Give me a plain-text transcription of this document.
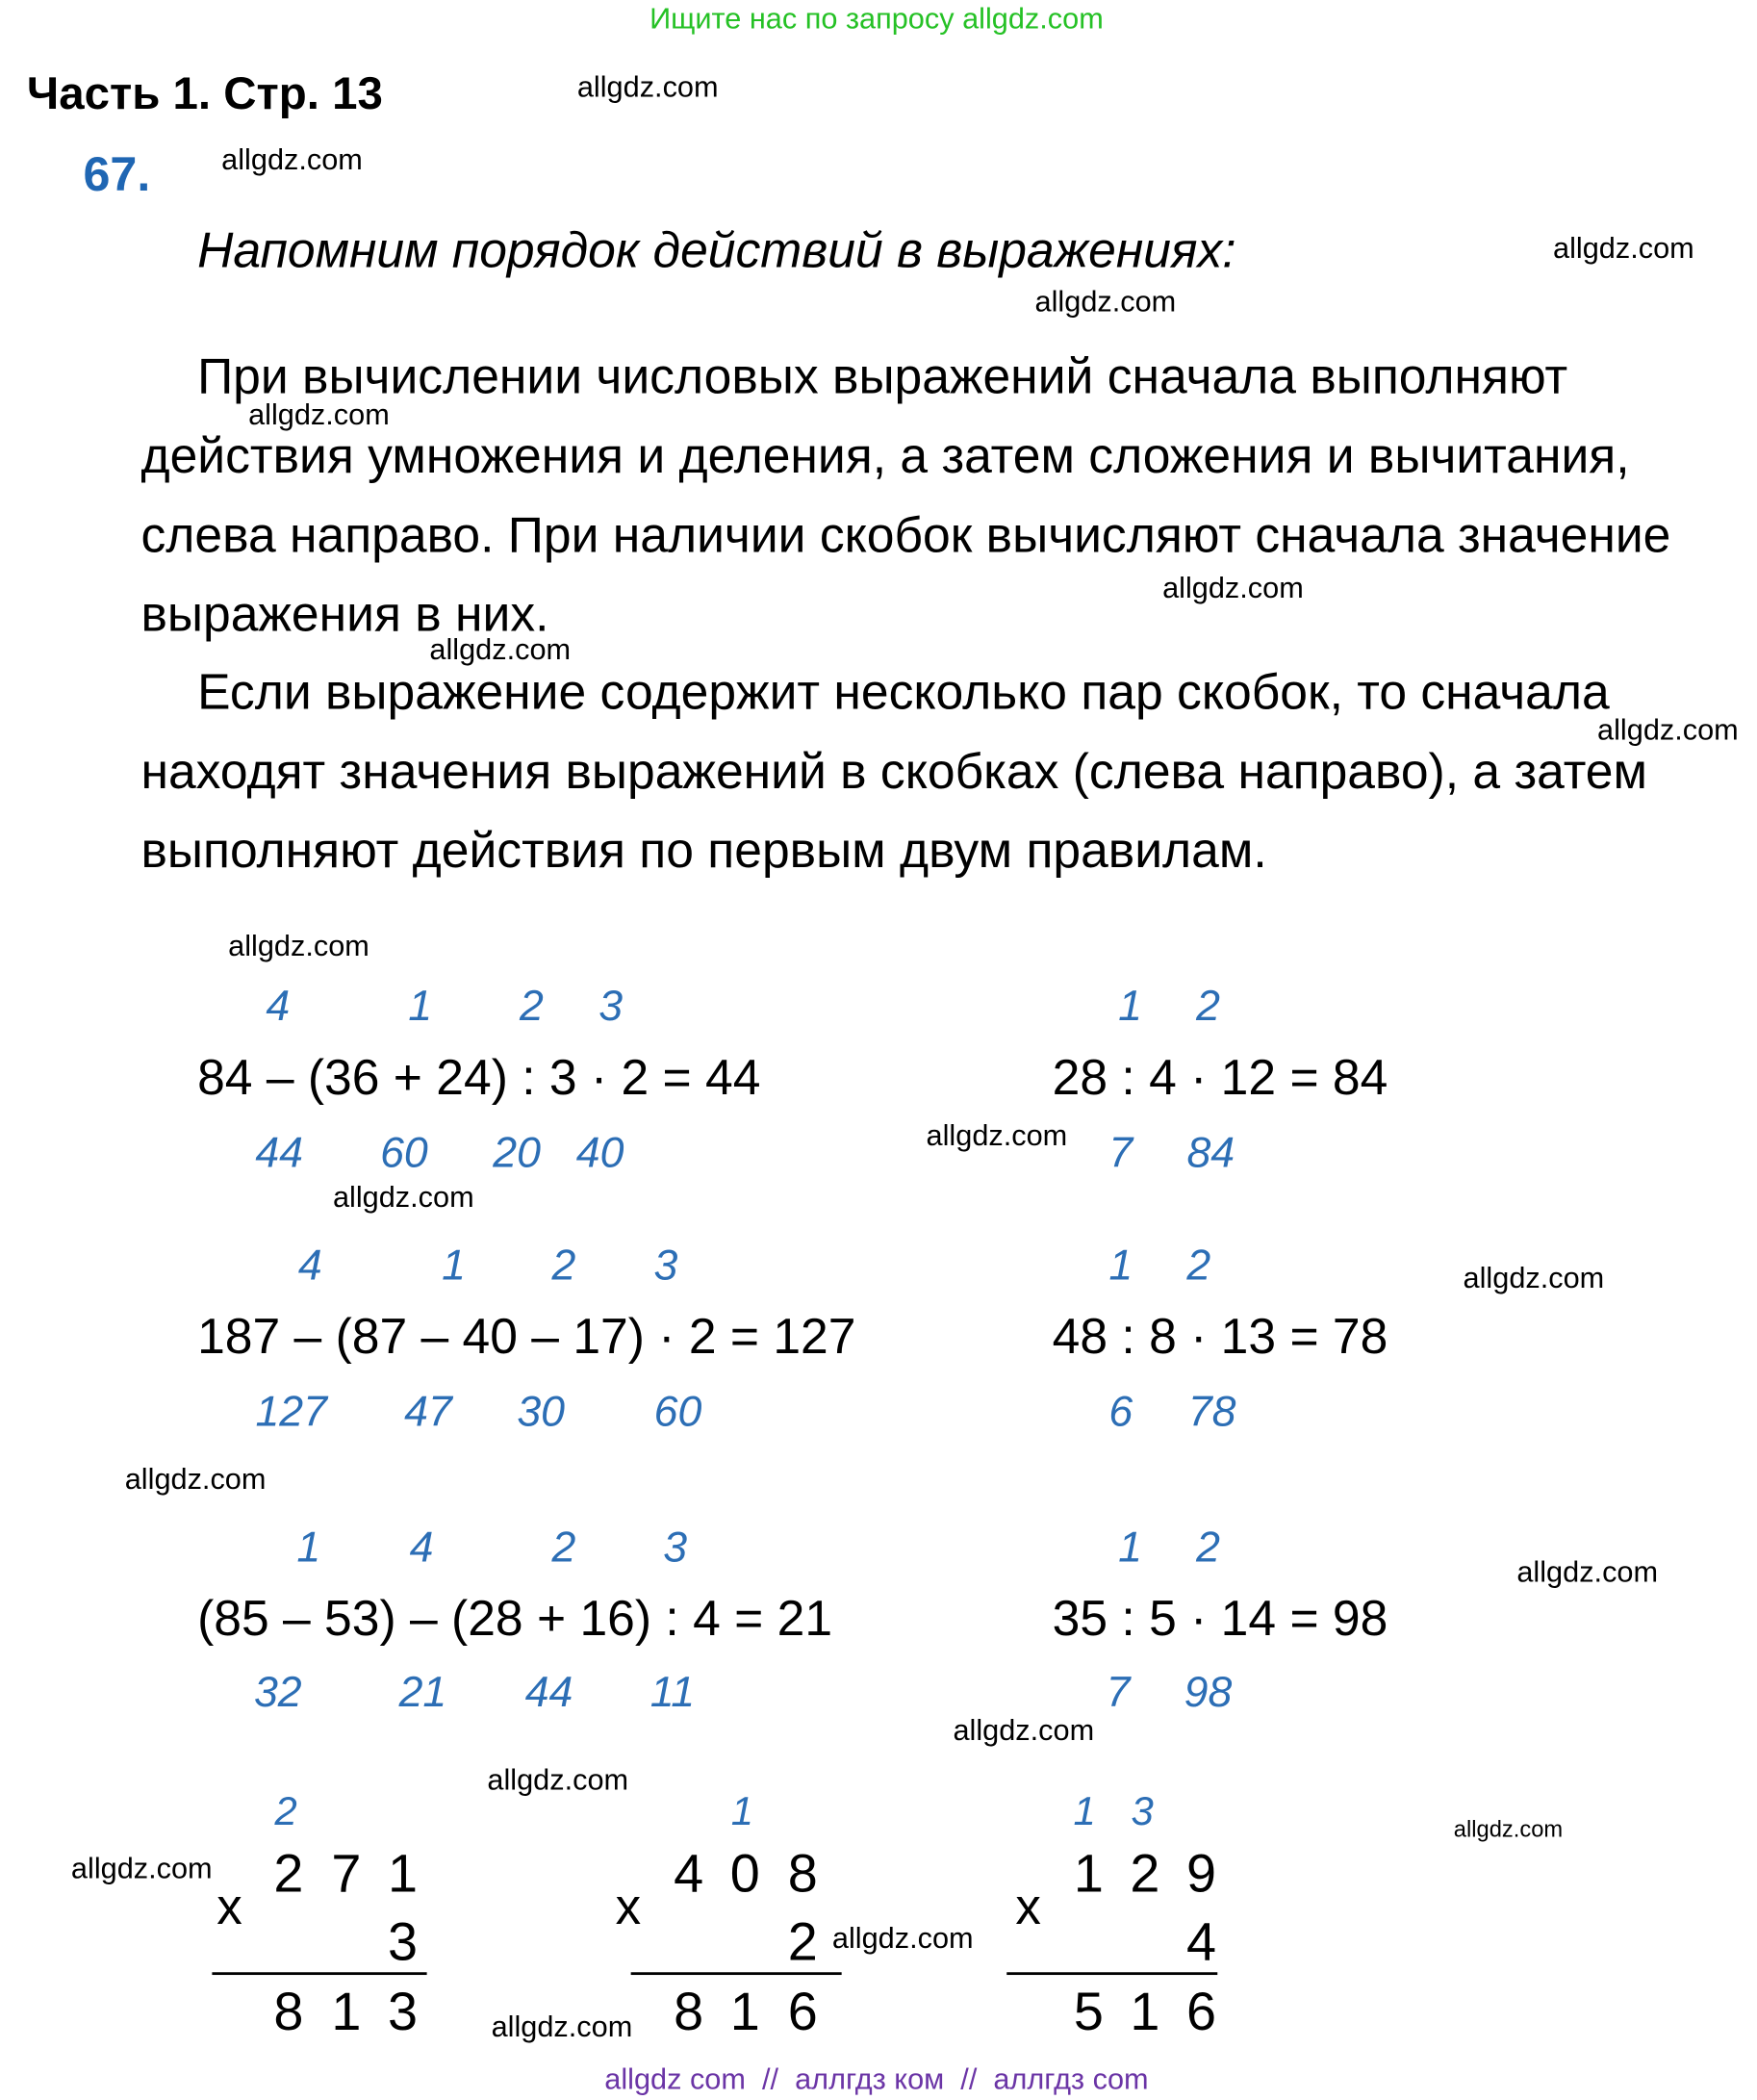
Ищите нас по запросу allgdz.com
Часть 1. Стр. 13
67.
Напомним порядок действий в выражениях:
При вычислении числовых выражений сначала выполняют
действия умножения и деления, а затем сложения и вычитания,
слева направо. При наличии скобок вычисляют сначала значение
выражения в них.
Если выражение содержит несколько пар скобок, то сначала
находят значения выражений в скобках (слева направо), а затем
выполняют действия по первым двум правилам.
4	1	2 3
84 – (36 + 24) : 3 · 2 = 44
44	60 20 40
1 2
28 : 4 · 12 = 84
7 84
4	1	2	3
187 – (87 – 40 – 17) · 2 = 127
127	47 30	60
1 2
48 : 8 · 13 = 78
6 78
1	4	2	3
(85 – 53) – (28 + 16) : 4 = 21
32	21	44	11
1 2
35 : 5 · 14 = 98
7 98
2
2 7 1
x
3
8 1 3
1
4 0 8
x
2
8 1 6
1 3
1 2 9
x
4
5 1 6
allgdz.com
allgdz.com
allgdz.com
allgdz.com
allgdz.com
allgdz.com
allgdz.com
allgdz.com
allgdz.com
allgdz.com
allgdz.com
allgdz.com
allgdz.com
allgdz.com
allgdz.com
allgdz.com
allgdz.com
allgdz.com
allgdz.com
allgdz.com
allgdz com  //  аллгдз ком  //  аллгдз com
